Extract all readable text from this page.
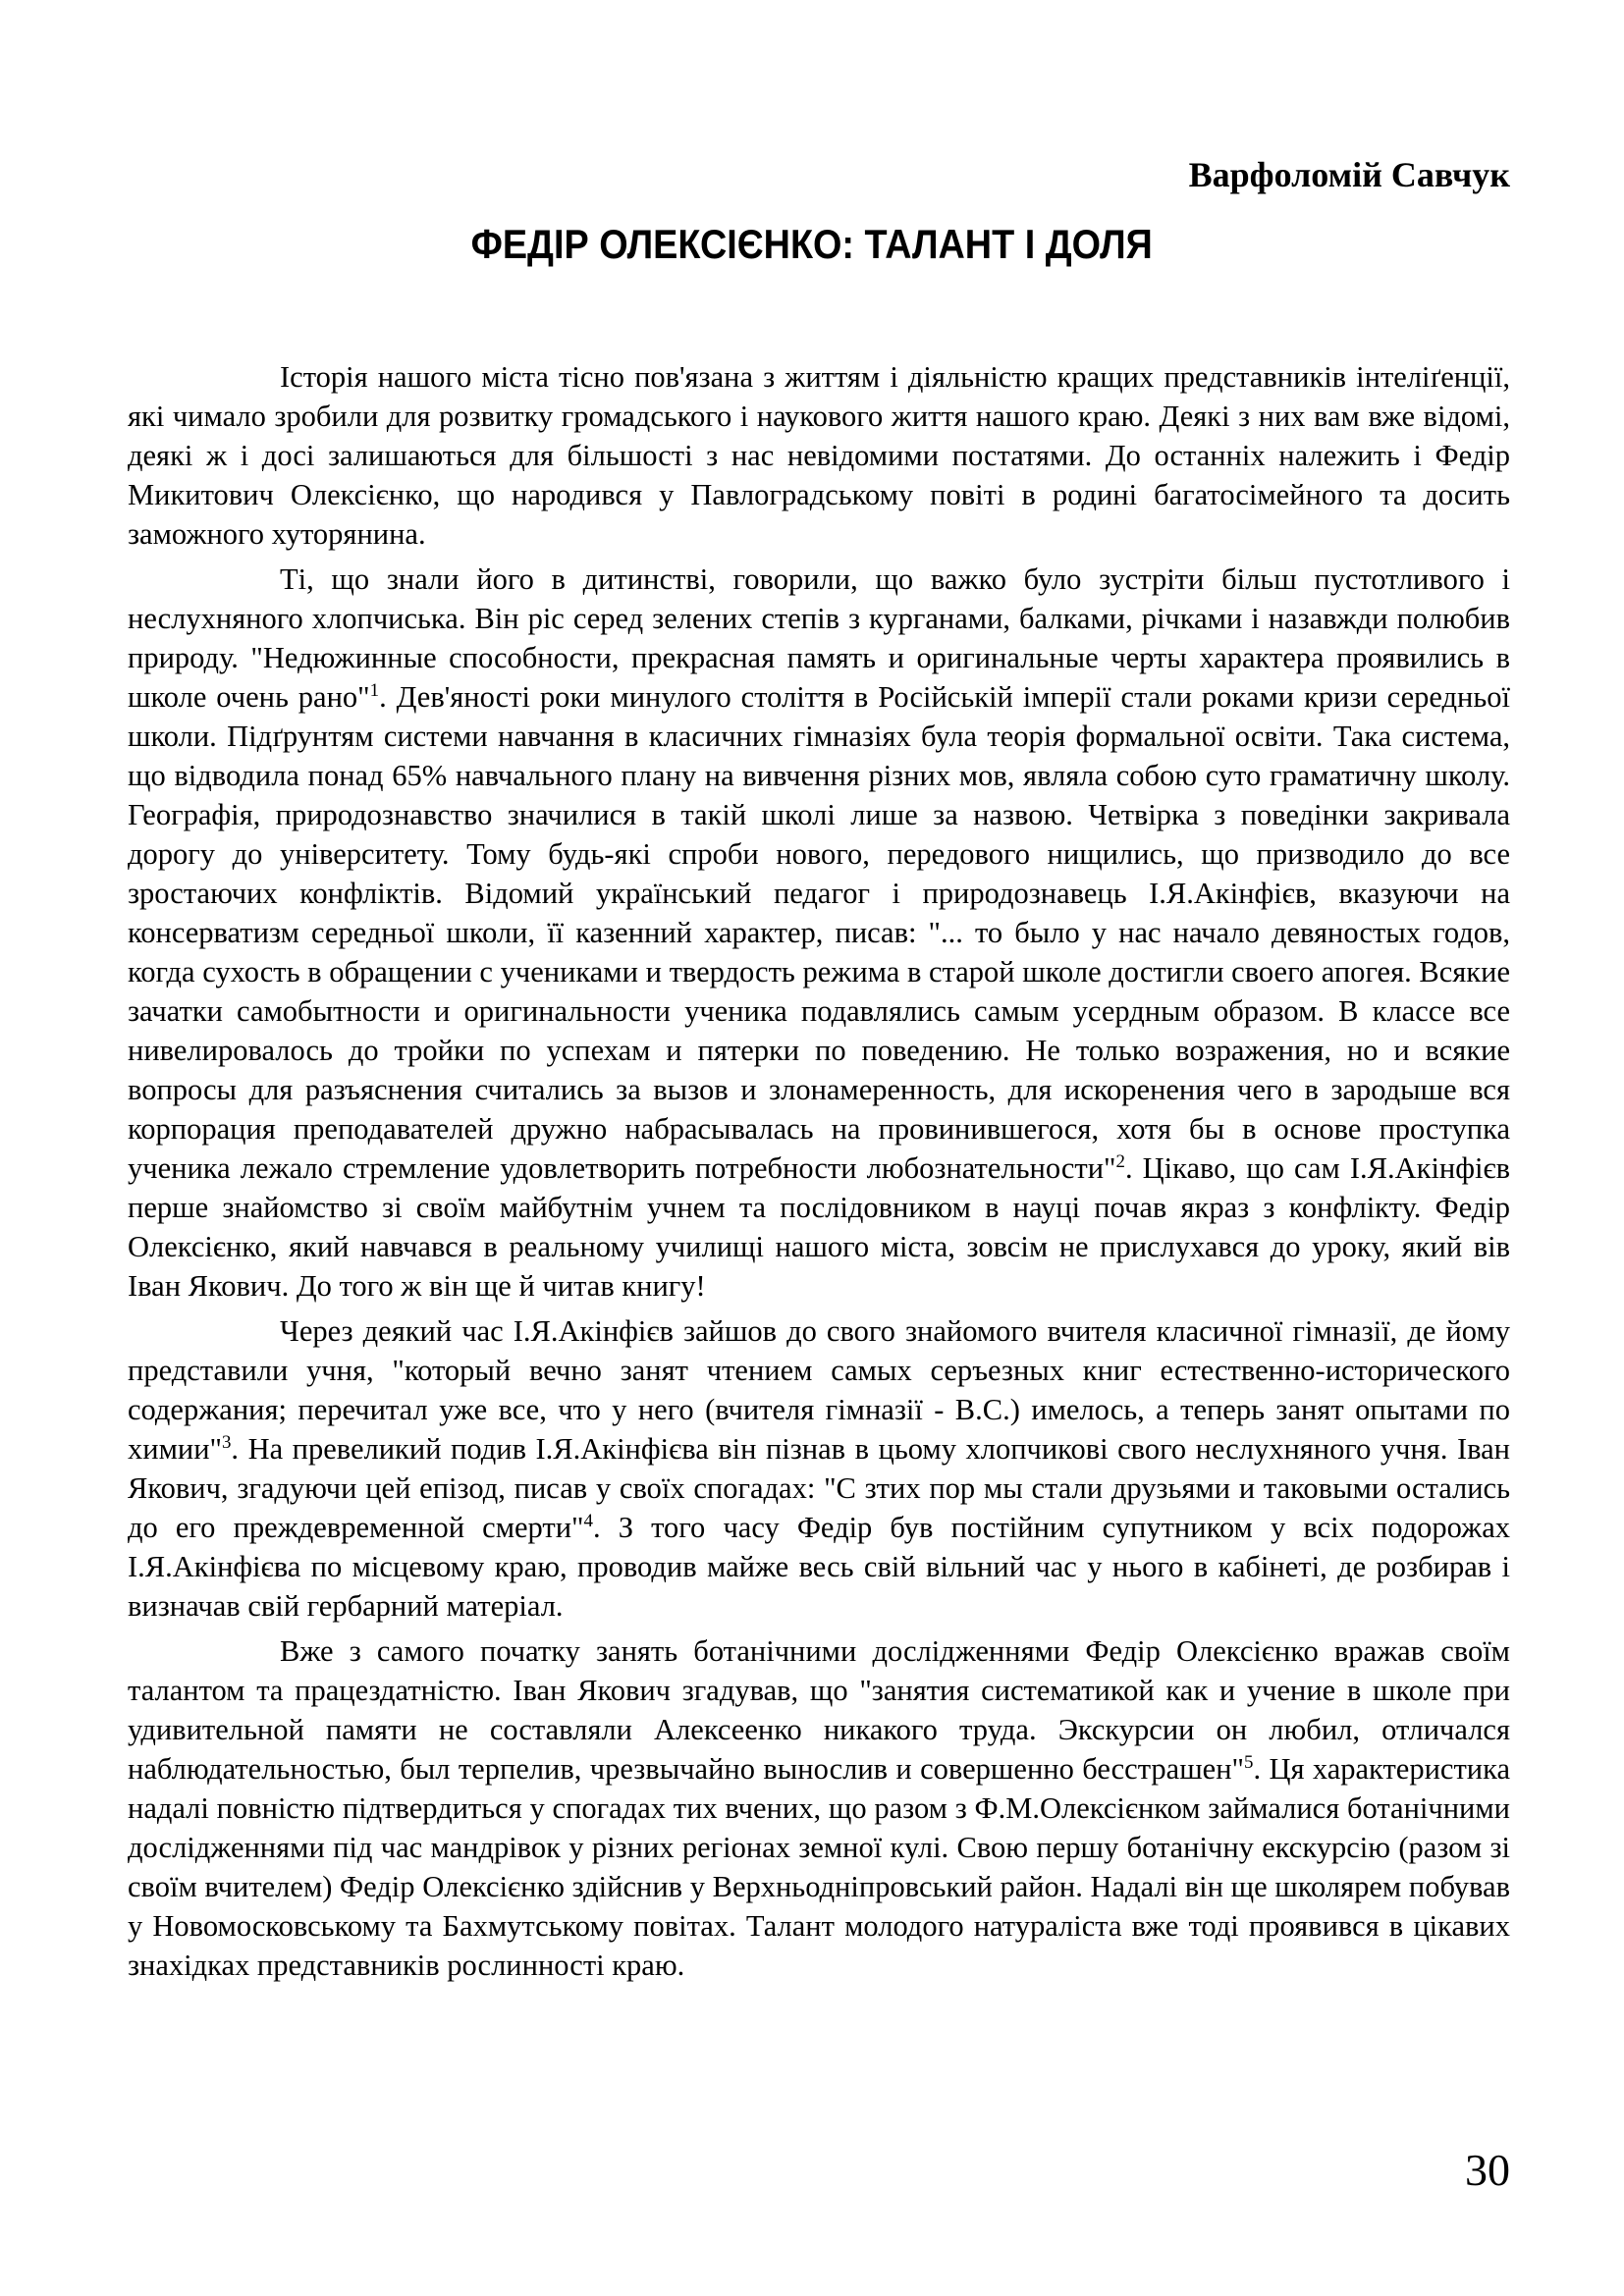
Варфоломій Савчук
ФЕДІР ОЛЕКСІЄНКО: ТАЛАНТ І ДОЛЯ

Історія нашого міста тісно пов'язана з життям і діяльністю кращих представників інтеліґенції, які чимало зробили для розвитку громадського і наукового життя нашого краю. Деякі з них вам вже відомі, деякі ж і досі залишаються для більшості з нас невідомими постатями. До останніх належить і Федір Микитович Олексієнко, що народився у Павлоградському повіті в родині багатосімейного та досить заможного хуторянина.

Ті, що знали його в дитинстві, говорили, що важко було зустріти більш пустотливого і неслухняного хлопчиська. Він ріс серед зелених степів з курганами, балками, річками і назавжди полюбив природу. "Недюжинные способности, прекрасная память и оригинальные черты характера проявились в школе очень рано"$^1$. Дев'яності роки минулого століття в Російській імперії стали роками кризи середньої школи. Підґрунтям системи навчання в класичних гімназіях була теорія формальної освіти. Така система, що відводила понад 65% навчального плану на вивчення різних мов, являла собою суто граматичну школу. Географія, природознавство значилися в такій школі лише за назвою. Четвірка з поведінки закривала дорогу до університету. Тому будь-які спроби нового, передового нищились, що призводило до все зростаючих конфліктів. Відомий український педагог і природознавець І.Я.Акінфієв, вказуючи на консерватизм середньої школи, її казенний характер, писав: "... то было у нас начало девяностых годов, когда сухость в обращении с учениками и твердость режима в старой школе достигли своего апогея. Всякие зачатки самобытности и оригинальности ученика подавлялись самым усердным образом. В классе все нивелировалось до тройки по успехам и пятерки по поведению. Не только возражения, но и всякие вопросы для разъяснения считались за вызов и злонамеренность, для искоренения чего в зародыше вся корпорация преподавателей дружно набрасывалась на провинившегося, хотя бы в основе проступка ученика лежало стремление удовлетворить потребности любознательности"$^2$. Цікаво, що сам І.Я.Акінфієв перше знайомство зі своїм майбутнім учнем та послідовником в науці почав якраз з конфлікту. Федір Олексієнко, який навчався в реальному училищі нашого міста, зовсім не прислухався до уроку, який вів Іван Якович. До того ж він ще й читав книгу!

Через деякий час І.Я.Акінфієв зайшов до свого знайомого вчителя класичної гімназії, де йому представили учня, "который вечно занят чтением самых серъезных книг естественно-исторического содержания; перечитал уже все, что у него (вчителя гімназії - В.С.) имелось, а теперь занят опытами по химии"$^3$. На превеликий подив І.Я.Акінфієва він пізнав в цьому хлопчикові свого неслухняного учня. Іван Якович, згадуючи цей епізод, писав у своїх спогадах: "С зтих пор мы стали друзьями и таковыми остались до его преждевременной смерти"$^4$. З того часу Федір був постійним супутником у всіх подорожах І.Я.Акінфієва по місцевому краю, проводив майже весь свій вільний час у нього в кабінеті, де розбирав і визначав свій гербарний матеріал.

Вже з самого початку занять ботанічними дослідженнями Федір Олексієнко вражав своїм талантом та працездатністю. Іван Якович згадував, що "занятия систематикой как и учение в школе при удивительной памяти не составляли Алексеенко никакого труда. Экскурсии он любил, отличался наблюдательностью, был терпелив, чрезвычайно вынослив и совершенно бесстрашен"$^5$. Ця характеристика надалі повністю підтвердиться у спогадах тих вчених, що разом з Ф.М.Олексієнком займалися ботанічними дослідженнями під час мандрівок у різних регіонах земної кулі. Свою першу ботанічну екскурсію (разом зі своїм вчителем) Федір Олексієнко здійснив у Верхньодніпровський район. Надалі він ще школярем побував у Новомосковському та Бахмутському повітах. Талант молодого натураліста вже тоді проявився в цікавих знахідках представників рослинності краю.

30
